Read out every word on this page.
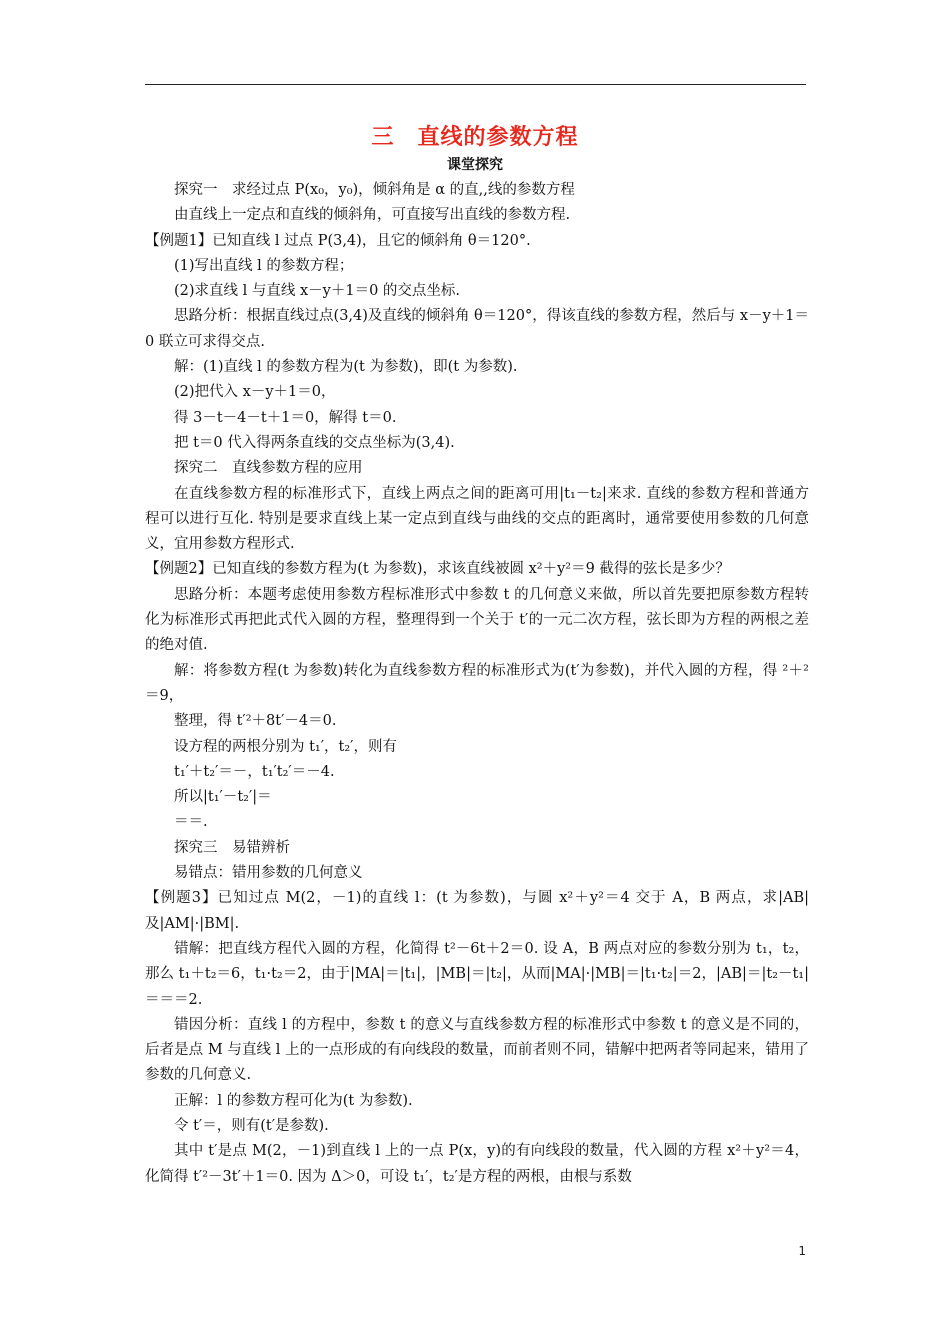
三　直线的参数方程
课堂探究

探究一　求经过点 P(x₀，y₀)，倾斜角是 α 的直,,线的参数方程

由直线上一定点和直线的倾斜角，可直接写出直线的参数方程.

【例题1】已知直线 l 过点 P(3,4)，且它的倾斜角 θ＝120°.

(1)写出直线 l 的参数方程；

(2)求直线 l 与直线 x－y＋1＝0 的交点坐标.

思路分析：根据直线过点(3,4)及直线的倾斜角 θ＝120°，得该直线的参数方程，然后与 x－y＋1＝0 联立可求得交点.

解：(1)直线 l 的参数方程为(t 为参数)，即(t 为参数).

(2)把代入 x－y＋1＝0，

得 3－t－4－t＋1＝0，解得 t＝0.

把 t＝0 代入得两条直线的交点坐标为(3,4).

探究二　直线参数方程的应用

在直线参数方程的标准形式下，直线上两点之间的距离可用|t₁－t₂|来求. 直线的参数方程和普通方程可以进行互化. 特别是要求直线上某一定点到直线与曲线的交点的距离时，通常要使用参数的几何意义，宜用参数方程形式.

【例题2】已知直线的参数方程为(t 为参数)，求该直线被圆 x²＋y²＝9 截得的弦长是多少？

思路分析：本题考虑使用参数方程标准形式中参数 t 的几何意义来做，所以首先要把原参数方程转化为标准形式再把此式代入圆的方程，整理得到一个关于 t′的一元二次方程，弦长即为方程的两根之差的绝对值.

解：将参数方程(t 为参数)转化为直线参数方程的标准形式为(t′为参数)，并代入圆的方程，得 ²＋²＝9，

整理，得 t′²＋8t′－4＝0.

设方程的两根分别为 t₁′，t₂′，则有

t₁′＋t₂′＝－，t₁′t₂′＝－4.

所以|t₁′－t₂′|＝

＝＝.

探究三　易错辨析

易错点：错用参数的几何意义

【例题3】已知过点 M(2，－1)的直线 l：(t 为参数)，与圆 x²＋y²＝4 交于 A，B 两点，求|AB|及|AM|·|BM|.

错解：把直线方程代入圆的方程，化简得 t²－6t＋2＝0. 设 A，B 两点对应的参数分别为 t₁，t₂，那么 t₁＋t₂＝6，t₁·t₂＝2，由于|MA|＝|t₁|，|MB|＝|t₂|，从而|MA|·|MB|＝|t₁·t₂|＝2，|AB|＝|t₂－t₁|＝＝＝2.

错因分析：直线 l 的方程中，参数 t 的意义与直线参数方程的标准形式中参数 t 的意义是不同的，后者是点 M 与直线 l 上的一点形成的有向线段的数量，而前者则不同，错解中把两者等同起来，错用了参数的几何意义.

正解：l 的参数方程可化为(t 为参数).

令 t′＝，则有(t′是参数).

其中 t′是点 M(2，－1)到直线 l 上的一点 P(x，y)的有向线段的数量，代入圆的方程 x²＋y²＝4，化简得 t′²－3t′＋1＝0. 因为 Δ＞0，可设 t₁′，t₂′是方程的两根，由根与系数

1
